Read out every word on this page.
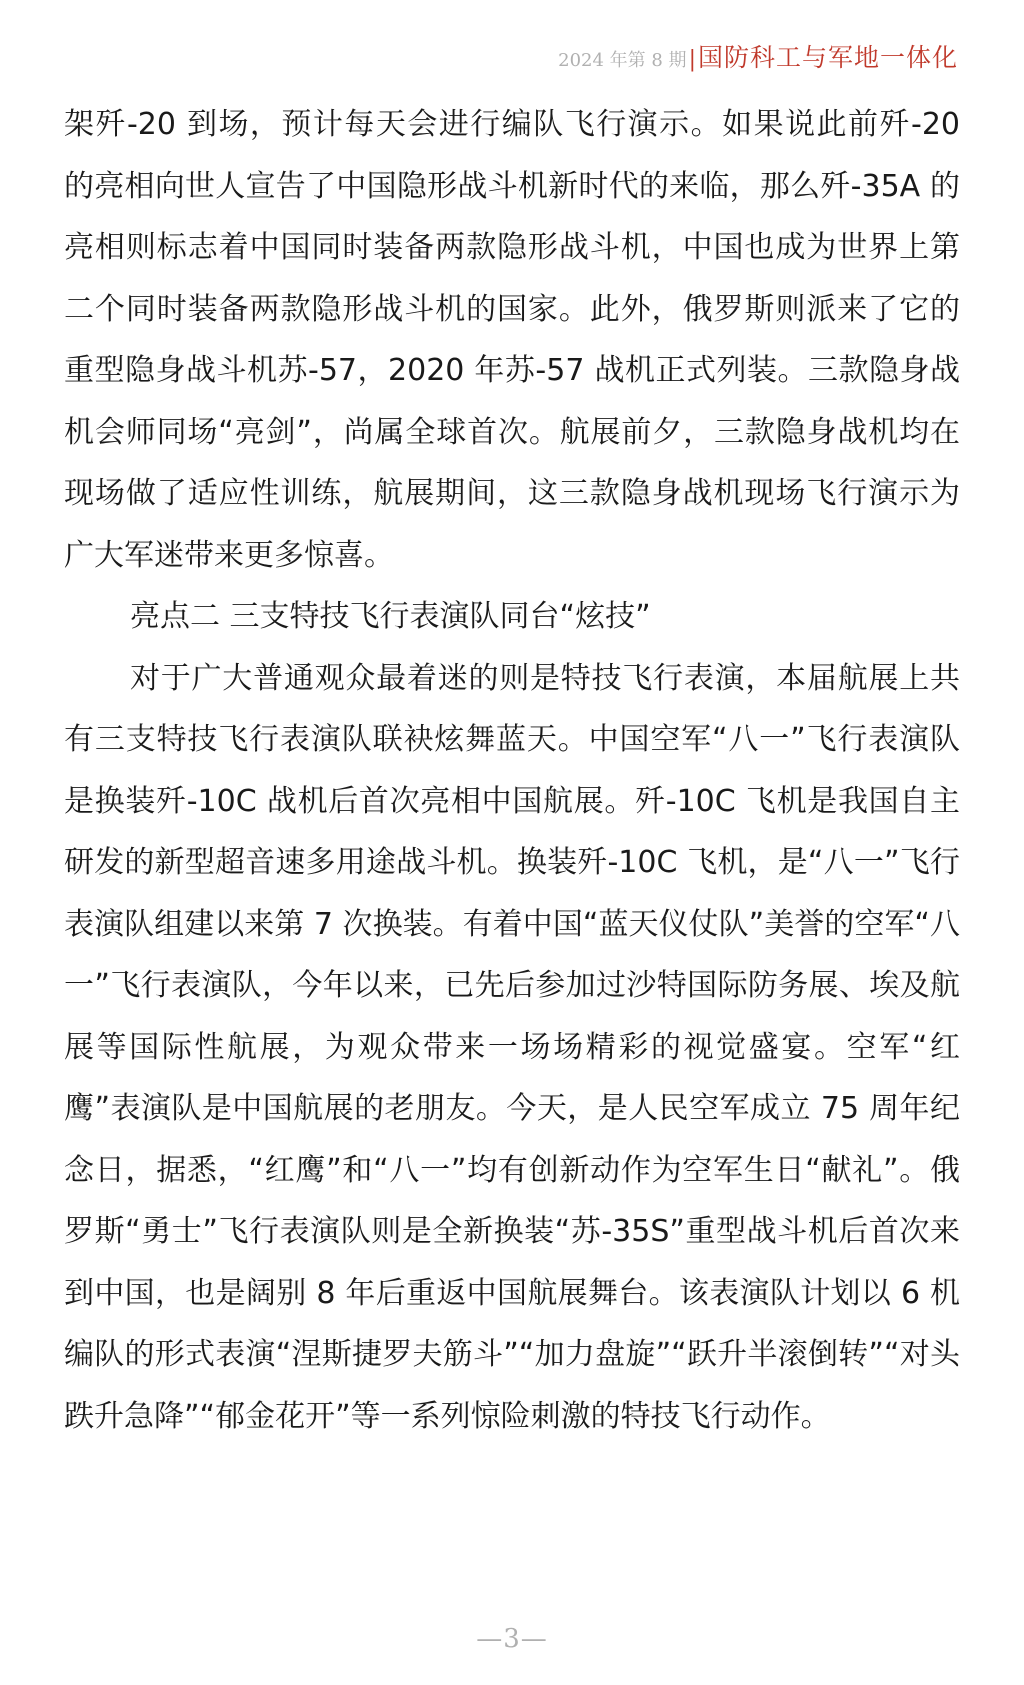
2024 年第 8 期 | 国防科工与军地一体化

架歼-20 到场，预计每天会进行编队飞行演示。如果说此前歼-20 的亮相向世人宣告了中国隐形战斗机新时代的来临，那么歼-35A 的亮相则标志着中国同时装备两款隐形战斗机，中国也成为世界上第二个同时装备两款隐形战斗机的国家。此外，俄罗斯则派来了它的重型隐身战斗机苏-57，2020 年苏-57 战机正式列装。三款隐身战机会师同场“亮剑”，尚属全球首次。航展前夕，三款隐身战机均在现场做了适应性训练，航展期间，这三款隐身战机现场飞行演示为广大军迷带来更多惊喜。

亮点二 三支特技飞行表演队同台“炫技”

对于广大普通观众最着迷的则是特技飞行表演，本届航展上共有三支特技飞行表演队联袂炫舞蓝天。中国空军“八一”飞行表演队是换装歼-10C 战机后首次亮相中国航展。歼-10C 飞机是我国自主研发的新型超音速多用途战斗机。换装歼-10C 飞机，是“八一”飞行表演队组建以来第 7 次换装。有着中国“蓝天仪仗队”美誉的空军“八一”飞行表演队，今年以来，已先后参加过沙特国际防务展、埃及航展等国际性航展，为观众带来一场场精彩的视觉盛宴。空军“红鹰”表演队是中国航展的老朋友。今天，是人民空军成立 75 周年纪念日，据悉，“红鹰”和“八一”均有创新动作为空军生日“献礼”。俄罗斯“勇士”飞行表演队则是全新换装“苏-35S”重型战斗机后首次来到中国，也是阔别 8 年后重返中国航展舞台。该表演队计划以 6 机编队的形式表演“涅斯捷罗夫筋斗”“加力盘旋”“跃升半滚倒转”“对头跌升急降”“郁金花开”等一系列惊险刺激的特技飞行动作。

—3—
